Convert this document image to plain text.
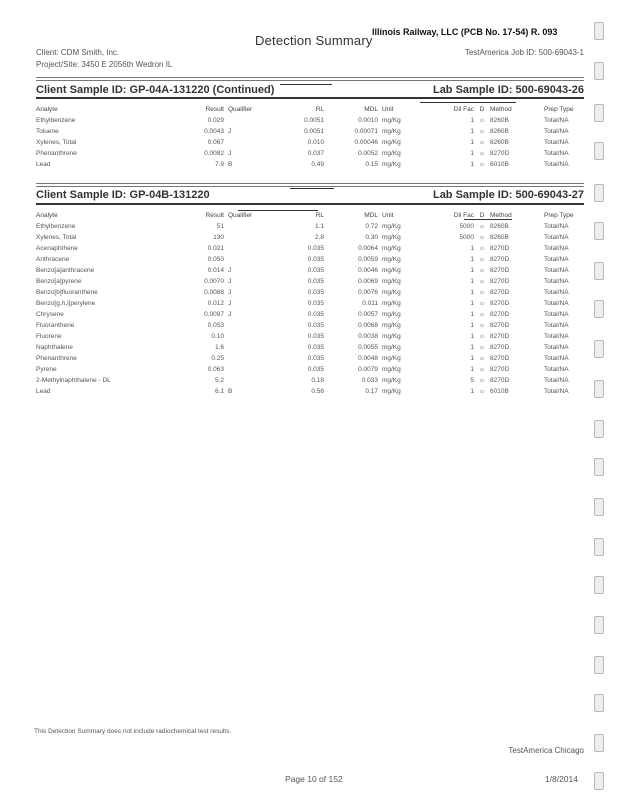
Illinois Railway, LLC (PCB No. 17-54) R. 093
Detection Summary
Client: CDM Smith, Inc.
Project/Site: 3450 E 2056th Wedron IL
TestAmerica Job ID: 500-69043-1
Client Sample ID: GP-04A-131220 (Continued)	Lab Sample ID: 500-69043-26
Analyte	Result	Qualifier	RL	MDL	Unit	Dil Fac	D	Method	Prep Type
Ethylbenzene	0.029		0.0051	0.0010	mg/Kg	1	☼	8260B	Total/NA
Toluene	0.0043	J	0.0051	0.00071	mg/Kg	1	☼	8260B	Total/NA
Xylenes, Total	0.067		0.010	0.00046	mg/Kg	1	☼	8260B	Total/NA
Phenanthrene	0.0082	J	0.037	0.0052	mg/Kg	1	☼	8270D	Total/NA
Lead	7.9	B	0.49	0.15	mg/Kg	1	☼	6010B	Total/NA
Client Sample ID: GP-04B-131220	Lab Sample ID: 500-69043-27
Analyte	Result	Qualifier	RL	MDL	Unit	Dil Fac	D	Method	Prep Type
Ethylbenzene	51		1.1	0.72	mg/Kg	5000	☼	8260B	Total/NA
Xylenes, Total	130		2.8	0.30	mg/Kg	5000	☼	8260B	Total/NA
Acenaphthene	0.021		0.035	0.0064	mg/Kg	1	☼	8270D	Total/NA
Anthracene	0.050		0.035	0.0059	mg/Kg	1	☼	8270D	Total/NA
Benzo[a]anthracene	0.014	J	0.035	0.0046	mg/Kg	1	☼	8270D	Total/NA
Benzo[a]pyrene	0.0070	J	0.035	0.0069	mg/Kg	1	☼	8270D	Total/NA
Benzo[b]fluoranthene	0.0088	J	0.035	0.0076	mg/Kg	1	☼	8270D	Total/NA
Benzo[g,h,i]perylene	0.012	J	0.035	0.011	mg/Kg	1	☼	8270D	Total/NA
Chrysene	0.0097	J	0.035	0.0057	mg/Kg	1	☼	8270D	Total/NA
Fluoranthene	0.053		0.035	0.0068	mg/Kg	1	☼	8270D	Total/NA
Fluorene	0.10		0.035	0.0038	mg/Kg	1	☼	8270D	Total/NA
Naphthalene	1.6		0.035	0.0055	mg/Kg	1	☼	8270D	Total/NA
Phenanthrene	0.25		0.035	0.0048	mg/Kg	1	☼	8270D	Total/NA
Pyrene	0.063		0.035	0.0079	mg/Kg	1	☼	8270D	Total/NA
2-Methylnaphthalene - DL	5.2		0.18	0.033	mg/Kg	5	☼	8270D	Total/NA
Lead	6.1	B	0.56	0.17	mg/Kg	1	☼	6010B	Total/NA
This Detection Summary does not include radiochemical test results.
TestAmerica Chicago
Page 10 of 152	1/8/2014
